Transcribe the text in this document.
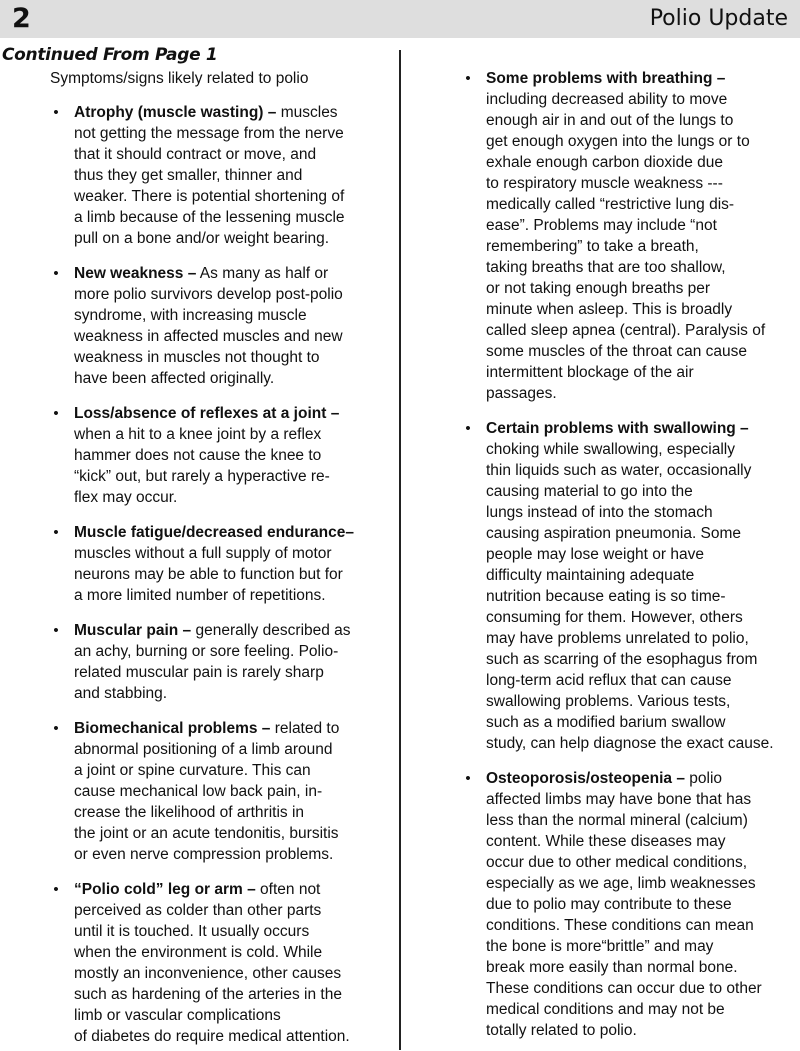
2	Polio Update
Continued From Page 1
Symptoms/signs likely related to polio
• Atrophy (muscle wasting) – muscles
not getting the message from the nerve
that it should contract or move, and
thus they get smaller, thinner and
weaker. There is potential shortening of
a limb because of the lessening muscle
pull on a bone and/or weight bearing.
• New weakness – As many as half or
more polio survivors develop post-polio
syndrome, with increasing muscle
weakness in affected muscles and new
weakness in muscles not thought to
have been affected originally.
• Loss/absence of reflexes at a joint –
when a hit to a knee joint by a reflex
hammer does not cause the knee to
“kick” out, but rarely a hyperactive re-
flex may occur.
• Muscle fatigue/decreased endurance–
muscles without a full supply of motor
neurons may be able to function but for
a more limited number of repetitions.
• Muscular pain – generally described as
an achy, burning or sore feeling. Polio-
related muscular pain is rarely sharp
and stabbing.
• Biomechanical problems – related to
abnormal positioning of a limb around
a joint or spine curvature. This can
cause mechanical low back pain, in-
crease the likelihood of arthritis in
the joint or an acute tendonitis, bursitis
or even nerve compression problems.
• “Polio cold” leg or arm – often not
perceived as colder than other parts
until it is touched. It usually occurs
when the environment is cold. While
mostly an inconvenience, other causes
such as hardening of the arteries in the
limb or vascular complications
of diabetes do require medical attention.
• Some problems with breathing –
including decreased ability to move
enough air in and out of the lungs to
get enough oxygen into the lungs or to
exhale enough carbon dioxide due
to respiratory muscle weakness ---
medically called “restrictive lung dis-
ease”. Problems may include “not
remembering” to take a breath,
taking breaths that are too shallow,
or not taking enough breaths per
minute when asleep. This is broadly
called sleep apnea (central). Paralysis of
some muscles of the throat can cause
intermittent blockage of the air
passages.
• Certain problems with swallowing –
choking while swallowing, especially
thin liquids such as water, occasionally
causing material to go into the
lungs instead of into the stomach
causing aspiration pneumonia. Some
people may lose weight or have
difficulty maintaining adequate
nutrition because eating is so time-
consuming for them. However, others
may have problems unrelated to polio,
such as scarring of the esophagus from
long-term acid reflux that can cause
swallowing problems. Various tests,
such as a modified barium swallow
study, can help diagnose the exact cause.
• Osteoporosis/osteopenia – polio
affected limbs may have bone that has
less than the normal mineral (calcium)
content. While these diseases may
occur due to other medical conditions,
especially as we age, limb weaknesses
due to polio may contribute to these
conditions. These conditions can mean
the bone is more“brittle” and may
break more easily than normal bone.
These conditions can occur due to other
medical conditions and may not be
totally related to polio.
